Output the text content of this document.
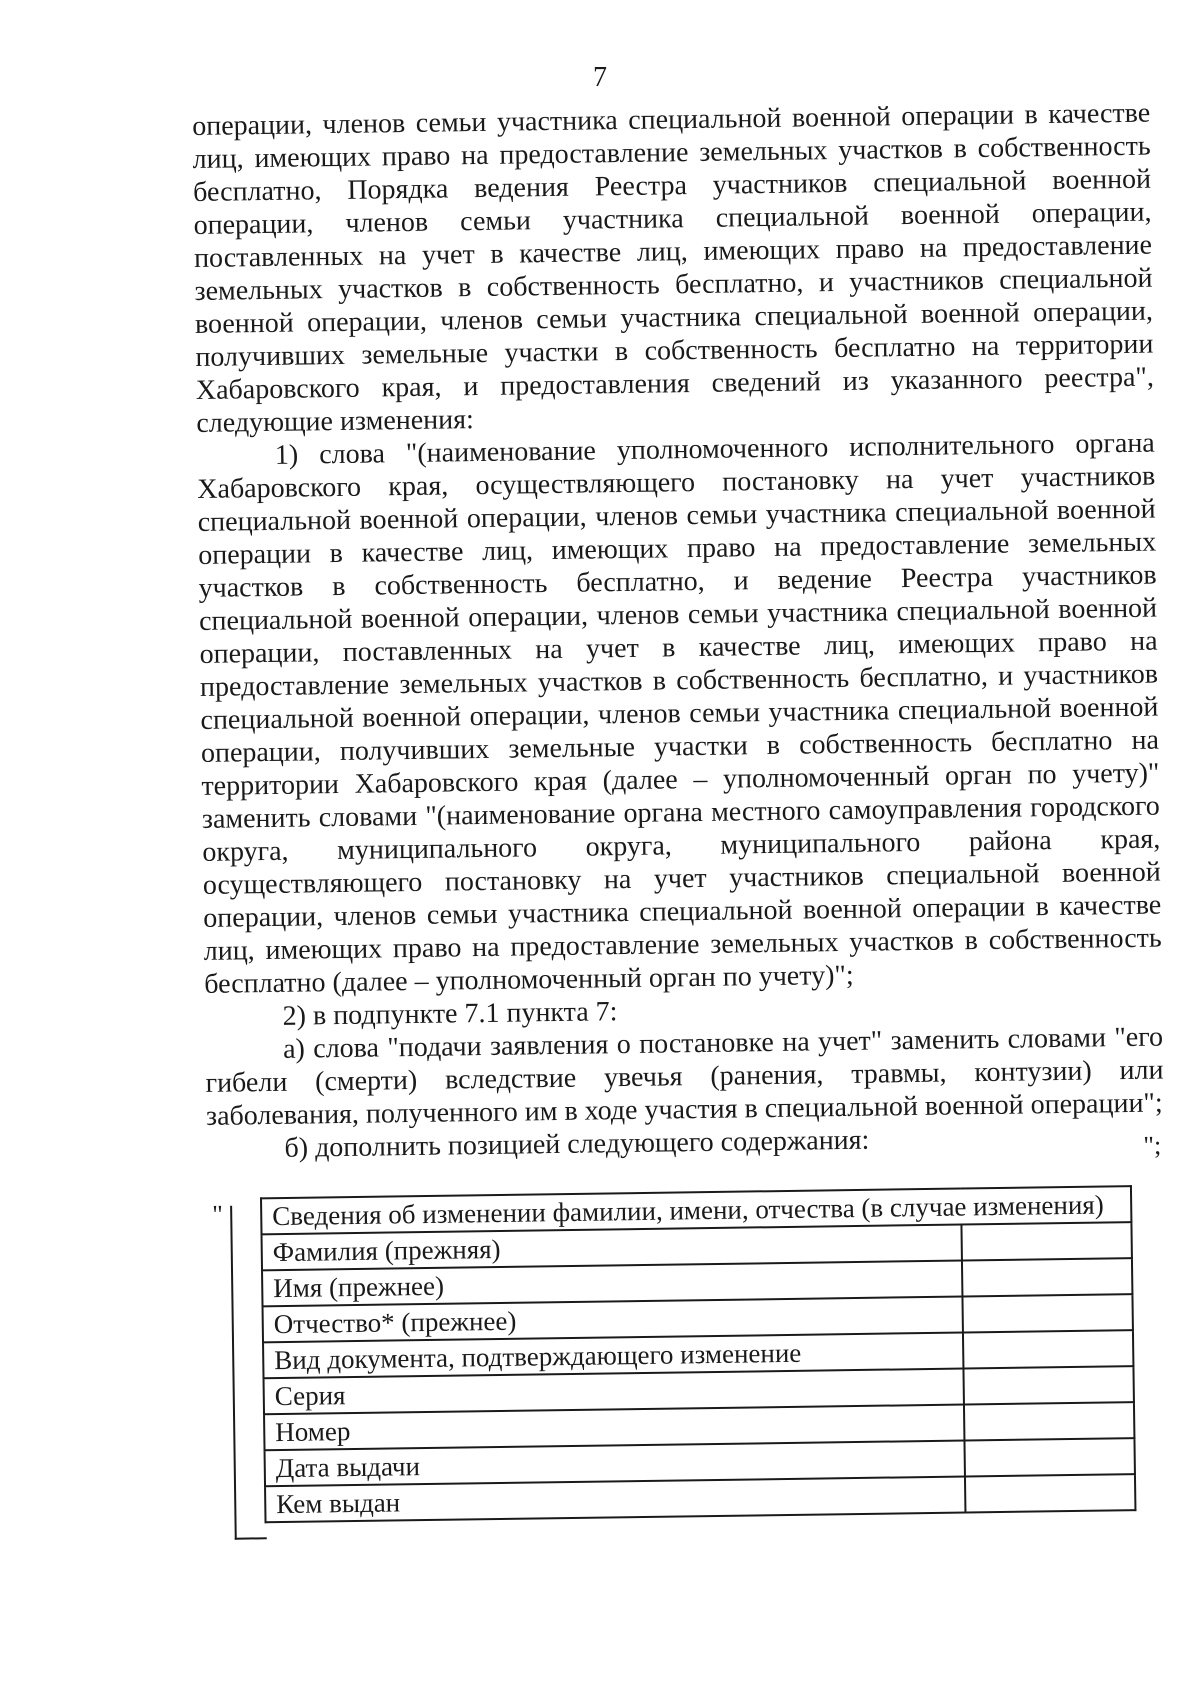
7

операции, членов семьи участника специальной военной операции в качестве лиц, имеющих право на предоставление земельных участков в собственность бесплатно, Порядка ведения Реестра участников специальной военной операции, членов семьи участника специальной военной операции, поставленных на учет в качестве лиц, имеющих право на предоставление земельных участков в собственность бесплатно, и участников специальной военной операции, членов семьи участника специальной военной операции, получивших земельные участки в собственность бесплатно на территории Хабаровского края, и предоставления сведений из указанного реестра", следующие изменения:

1) слова "(наименование уполномоченного исполнительного органа Хабаровского края, осуществляющего постановку на учет участников специальной военной операции, членов семьи участника специальной военной операции в качестве лиц, имеющих право на предоставление земельных участков в собственность бесплатно, и ведение Реестра участников специальной военной операции, членов семьи участника специальной военной операции, поставленных на учет в качестве лиц, имеющих право на предоставление земельных участков в собственность бесплатно, и участников специальной военной операции, членов семьи участника специальной военной операции, получивших земельные участки в собственность бесплатно на территории Хабаровского края (далее – уполномоченный орган по учету)" заменить словами "(наименование органа местного самоуправления городского округа, муниципального округа, муниципального района края, осуществляющего постановку на учет участников специальной военной операции, членов семьи участника специальной военной операции в качестве лиц, имеющих право на предоставление земельных участков в собственность бесплатно (далее – уполномоченный орган по учету)";

2) в подпункте 7.1 пункта 7:

а) слова "подачи заявления о постановке на учет" заменить словами "его гибели (смерти) вследствие увечья (ранения, травмы, контузии) или заболевания, полученного им в ходе участия в специальной военной операции";

б) дополнить позицией следующего содержания:

" Сведения об изменении фамилии, имени, отчества (в случае изменения)	
Фамилия (прежняя)	
Имя (прежнее)	
Отчество* (прежнее)	
Вид документа, подтверждающего изменение	
Серия	
Номер	
Дата выдачи	
Кем выдан	
";
